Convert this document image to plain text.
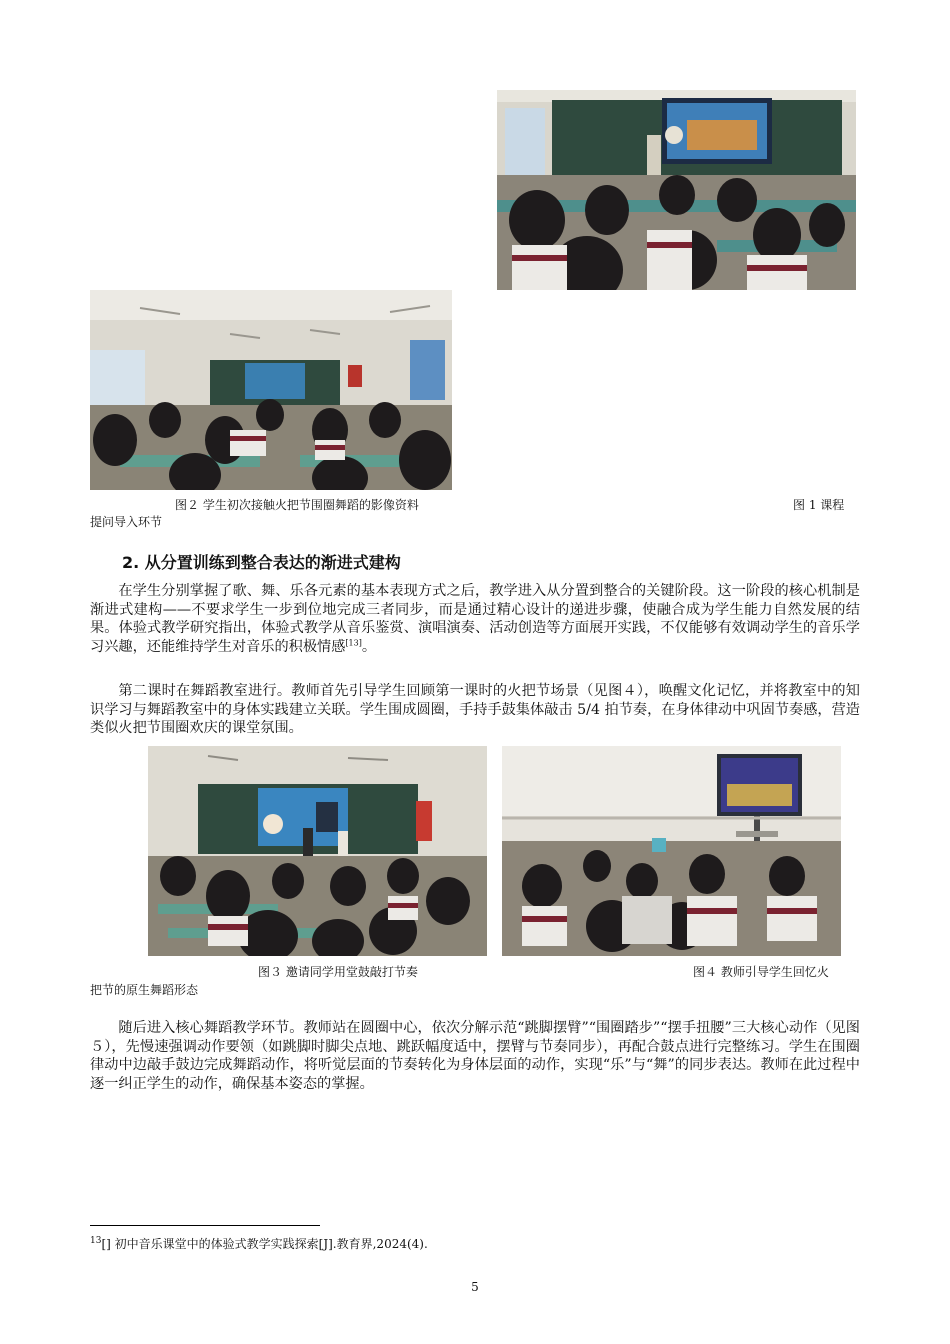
图２ 学生初次接触火把节围圈舞蹈的影像资料	图 1 课程
提问导入环节
2. 从分置训练到整合表达的渐进式建构

在学生分别掌握了歌、舞、乐各元素的基本表现方式之后，教学进入从分置到整合的关键阶段。这一阶段的核心机制是渐进式建构——不要求学生一步到位地完成三者同步，而是通过精心设计的递进步骤，使融合成为学生能力自然发展的结果。体验式教学研究指出，体验式教学从音乐鉴赏、演唱演奏、活动创造等方面展开实践，不仅能够有效调动学生的音乐学习兴趣，还能维持学生对音乐的积极情感[13]。

第二课时在舞蹈教室进行。教师首先引导学生回顾第一课时的火把节场景（见图４），唤醒文化记忆，并将教室中的知识学习与舞蹈教室中的身体实践建立关联。学生围成圆圈，手持手鼓集体敲击 5/4 拍节奏，在身体律动中巩固节奏感，营造类似火把节围圈欢庆的课堂氛围。

图３ 邀请同学用堂鼓敲打节奏	图４ 教师引导学生回忆火
把节的原生舞蹈形态

随后进入核心舞蹈教学环节。教师站在圆圈中心，依次分解示范“跳脚摆臂”“围圈踏步”“摆手扭腰”三大核心动作（见图５），先慢速强调动作要领（如跳脚时脚尖点地、跳跃幅度适中，摆臂与节奏同步），再配合鼓点进行完整练习。学生在围圈律动中边敲手鼓边完成舞蹈动作，将听觉层面的节奏转化为身体层面的动作，实现“乐”与“舞”的同步表达。教师在此过程中逐一纠正学生的动作，确保基本姿态的掌握。

$^{13}$[] 初中音乐课堂中的体验式教学实践探索[J].教育界,2024(4).
5
